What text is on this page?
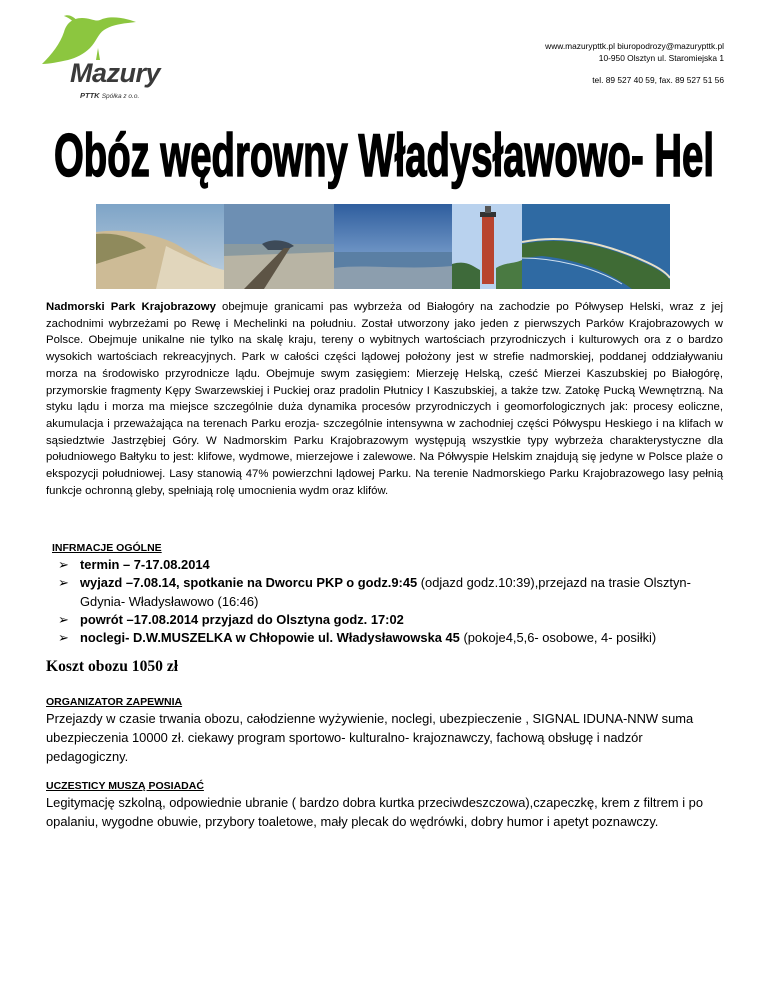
Mazury
PTTK Spółka z o.o.
www.mazurypttk.pl biuropodrozy@mazurypttk.pl
10-950 Olsztyn ul. Staromiejska 1
tel. 89 527 40 59, fax. 89 527 51 56
Obóz wędrowny Władysławowo- Hel
Nadmorski Park Krajobrazowy obejmuje granicami pas wybrzeża od Białogóry na zachodzie po Półwysep Helski, wraz z jej zachodnimi wybrzeżami po Rewę i Mechelinki na południu. Został utworzony jako jeden z pierwszych Parków Krajobrazowych w Polsce. Obejmuje unikalne nie tylko na skalę kraju, tereny o wybitnych wartościach przyrodniczych i kulturowych ora z o bardzo wysokich wartościach rekreacyjnych. Park w całości części lądowej położony jest w strefie nadmorskiej, poddanej oddziaływaniu morza na środowisko przyrodnicze lądu. Obejmuje swym zasięgiem: Mierzeję Helską, cześć Mierzei Kaszubskiej po Białogórę, przymorskie fragmenty Kępy Swarzewskiej i Puckiej oraz pradolin Płutnicy I Kaszubskiej, a także tzw. Zatokę Pucką Wewnętrzną. Na styku lądu i morza ma miejsce szczególnie duża dynamika procesów przyrodniczych i geomorfologicznych jak: procesy eoliczne, akumulacja i przeważająca na terenach Parku erozja- szczególnie intensywna w zachodniej części Półwyspu Heskiego i na klifach w sąsiedztwie Jastrzębiej Góry. W Nadmorskim Parku Krajobrazowym występują wszystkie typy wybrzeża charakterystyczne dla południowego Bałtyku to jest: klifowe, wydmowe, mierzejowe i zalewowe. Na Półwyspie Helskim znajdują się jedyne w Polsce plaże o ekspozycji południowej. Lasy stanowią 47% powierzchni lądowej Parku. Na terenie Nadmorskiego Parku Krajobrazowego lasy pełnią funkcje ochronną gleby, spełniają rolę umocnienia wydm oraz klifów.
INFRMACJE OGÓLNE
➢ termin – 7-17.08.2014
➢ wyjazd –7.08.14, spotkanie na Dworcu PKP o godz.9:45 (odjazd godz.10:39),przejazd na trasie Olsztyn- Gdynia- Władysławowo (16:46)
➢ powrót –17.08.2014 przyjazd do Olsztyna godz. 17:02
➢ noclegi- D.W.MUSZELKA w Chłopowie ul. Władysławowska 45 (pokoje4,5,6- osobowe, 4- posiłki)
Koszt obozu 1050 zł
ORGANIZATOR ZAPEWNIA
Przejazdy w czasie trwania obozu, całodzienne wyżywienie, noclegi, ubezpieczenie , SIGNAL IDUNA-NNW suma ubezpieczenia 10000 zł. ciekawy program sportowo- kulturalno- krajoznawczy, fachową obsługę i nadzór pedagogiczny.
UCZESTICY MUSZĄ POSIADAĆ
Legitymację szkolną, odpowiednie ubranie ( bardzo dobra kurtka przeciwdeszczowa),czapeczkę, krem z filtrem i po opalaniu, wygodne obuwie, przybory toaletowe, mały plecak do wędrówki, dobry humor i apetyt poznawczy.
